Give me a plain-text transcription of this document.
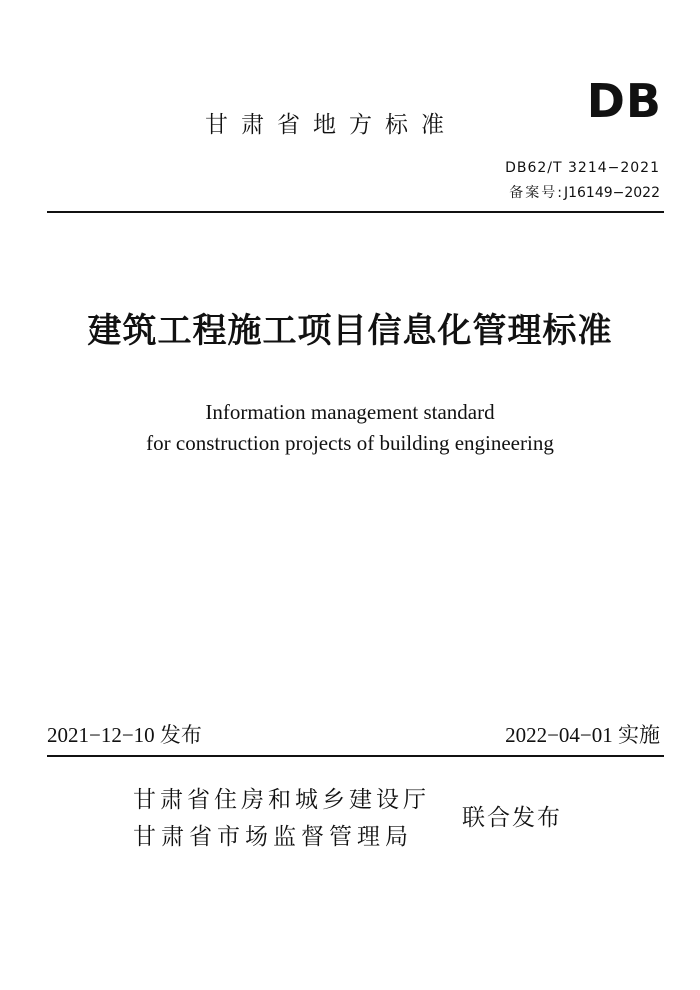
DB
甘肃省地方标准
DB62/T 3214−2021
备案号:J16149−2022
建筑工程施工项目信息化管理标准
Information management standard
for construction projects of building engineering
2021−12−10 发布	2022−04−01 实施
甘肃省住房和城乡建设厅
甘肃省市场监督管理局
联合发布
